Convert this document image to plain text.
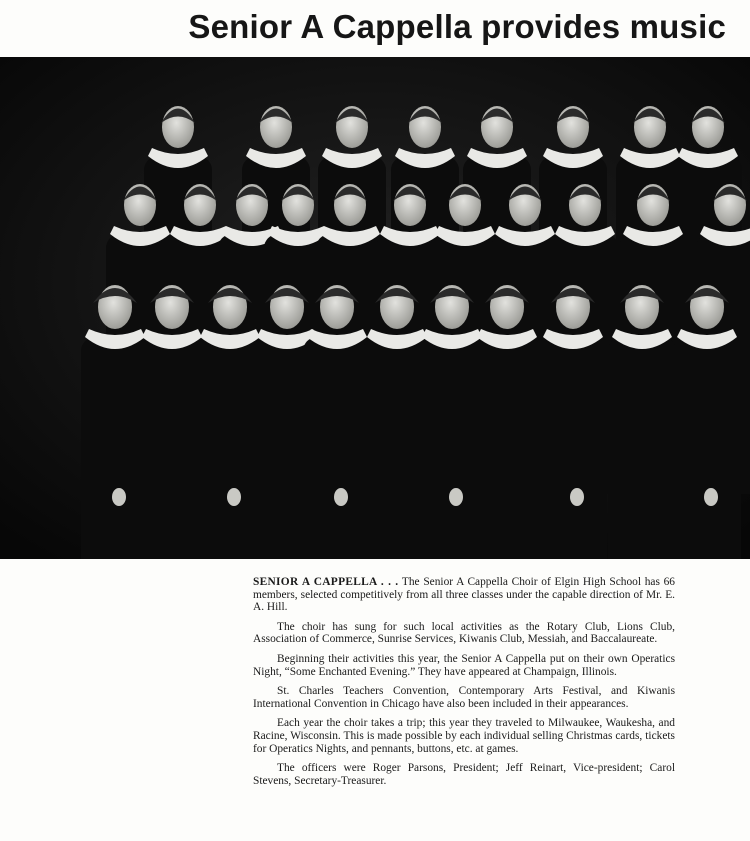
Senior A Cappella provides music

SENIOR A CAPPELLA . . . The Senior A Cappella Choir of Elgin High School has 66 members, selected competitively from all three classes under the capable direction of Mr. E. A. Hill.

The choir has sung for such local activities as the Rotary Club, Lions Club, Association of Commerce, Sunrise Services, Kiwanis Club, Messiah, and Baccalaureate.

Beginning their activities this year, the Senior A Cappella put on their own Operatics Night, “Some Enchanted Evening.” They have appeared at Champaign, Illinois.

St. Charles Teachers Convention, Contemporary Arts Festival, and Kiwanis International Convention in Chicago have also been included in their appearances.

Each year the choir takes a trip; this year they traveled to Milwaukee, Waukesha, and Racine, Wisconsin. This is made possible by each individual selling Christmas cards, tickets for Operatics Nights, and pennants, buttons, etc. at games.

The officers were Roger Parsons, President; Jeff Reinart, Vice-president; Carol Stevens, Secretary-Treasurer.
